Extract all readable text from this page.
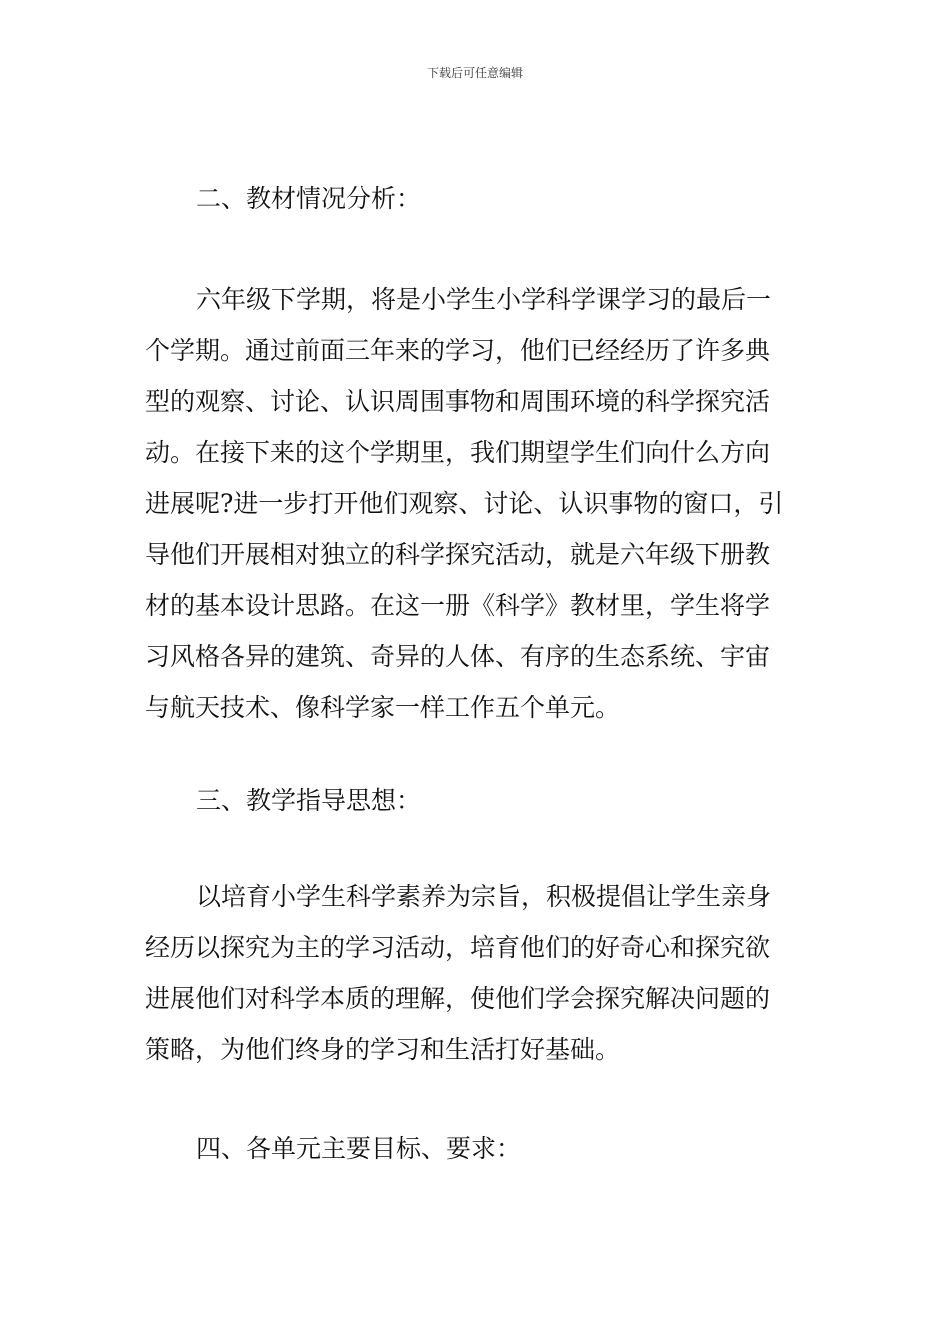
下载后可任意编辑
二、教材情况分析：
六年级下学期，将是小学生小学科学课学习的最后一
个学期。通过前面三年来的学习，他们已经经历了许多典
型的观察、讨论、认识周围事物和周围环境的科学探究活
动。在接下来的这个学期里，我们期望学生们向什么方向
进展呢?进一步打开他们观察、讨论、认识事物的窗口，引
导他们开展相对独立的科学探究活动，就是六年级下册教
材的基本设计思路。在这一册《科学》教材里，学生将学
习风格各异的建筑、奇异的人体、有序的生态系统、宇宙
与航天技术、像科学家一样工作五个单元。
三、教学指导思想：
以培育小学生科学素养为宗旨，积极提倡让学生亲身
经历以探究为主的学习活动，培育他们的好奇心和探究欲
进展他们对科学本质的理解，使他们学会探究解决问题的
策略，为他们终身的学习和生活打好基础。
四、各单元主要目标、要求：
